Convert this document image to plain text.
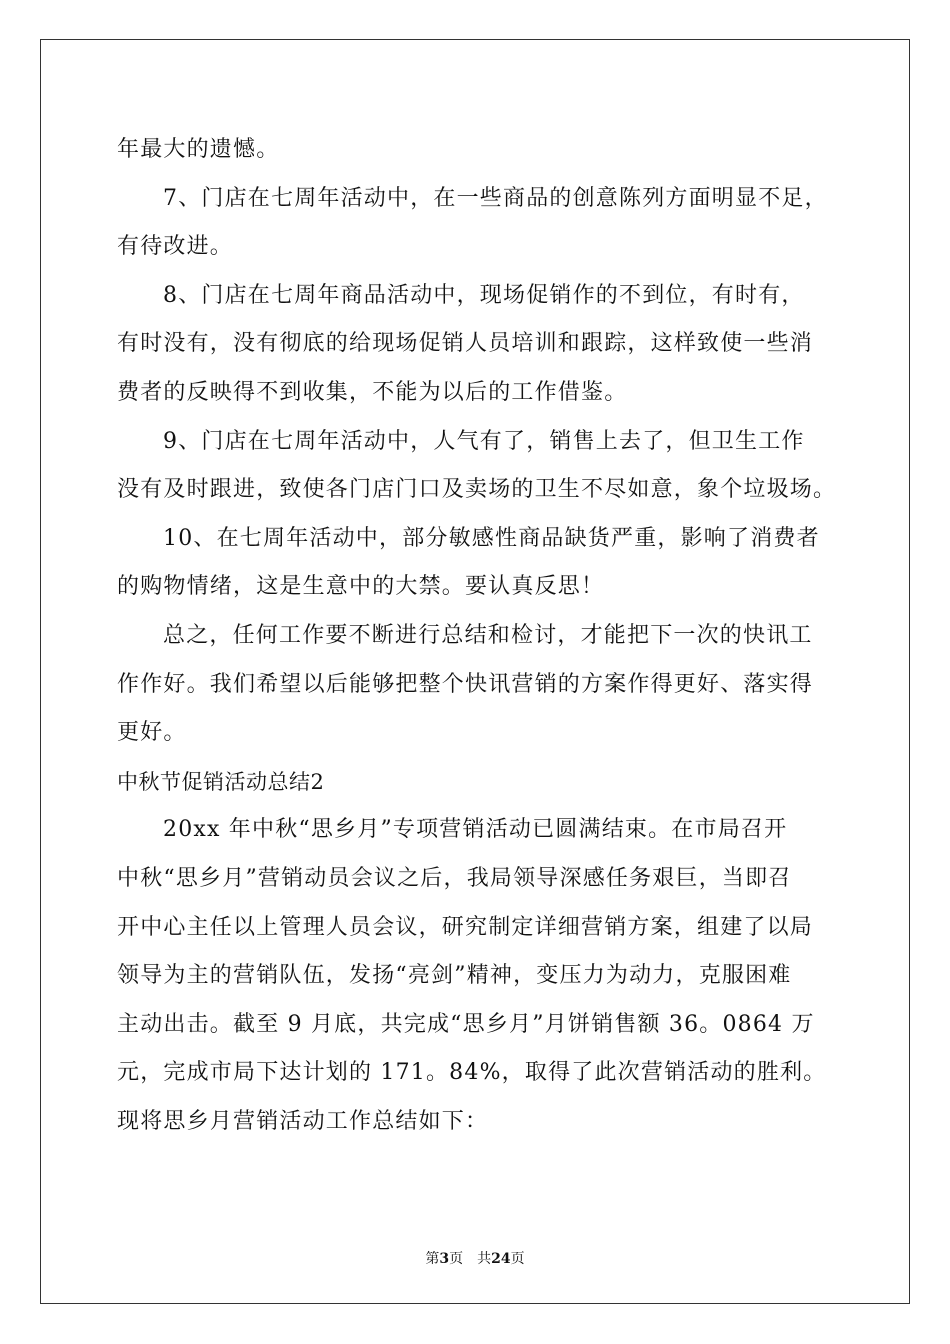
年最大的遗憾。
7、门店在七周年活动中，在一些商品的创意陈列方面明显不足，
有待改进。
8、门店在七周年商品活动中，现场促销作的不到位，有时有，
有时没有，没有彻底的给现场促销人员培训和跟踪，这样致使一些消
费者的反映得不到收集，不能为以后的工作借鉴。
9、门店在七周年活动中，人气有了，销售上去了，但卫生工作
没有及时跟进，致使各门店门口及卖场的卫生不尽如意，象个垃圾场。
10、在七周年活动中，部分敏感性商品缺货严重，影响了消费者
的购物情绪，这是生意中的大禁。要认真反思！
总之，任何工作要不断进行总结和检讨，才能把下一次的快讯工
作作好。我们希望以后能够把整个快讯营销的方案作得更好、落实得
更好。
中秋节促销活动总结2
20xx 年中秋“思乡月”专项营销活动已圆满结束。在市局召开
中秋“思乡月”营销动员会议之后，我局领导深感任务艰巨，当即召
开中心主任以上管理人员会议，研究制定详细营销方案，组建了以局
领导为主的营销队伍，发扬“亮剑”精神，变压力为动力，克服困难
主动出击。截至 9 月底，共完成“思乡月”月饼销售额 36。0864 万
元，完成市局下达计划的 171。84%，取得了此次营销活动的胜利。
现将思乡月营销活动工作总结如下：
第3页 共24页
